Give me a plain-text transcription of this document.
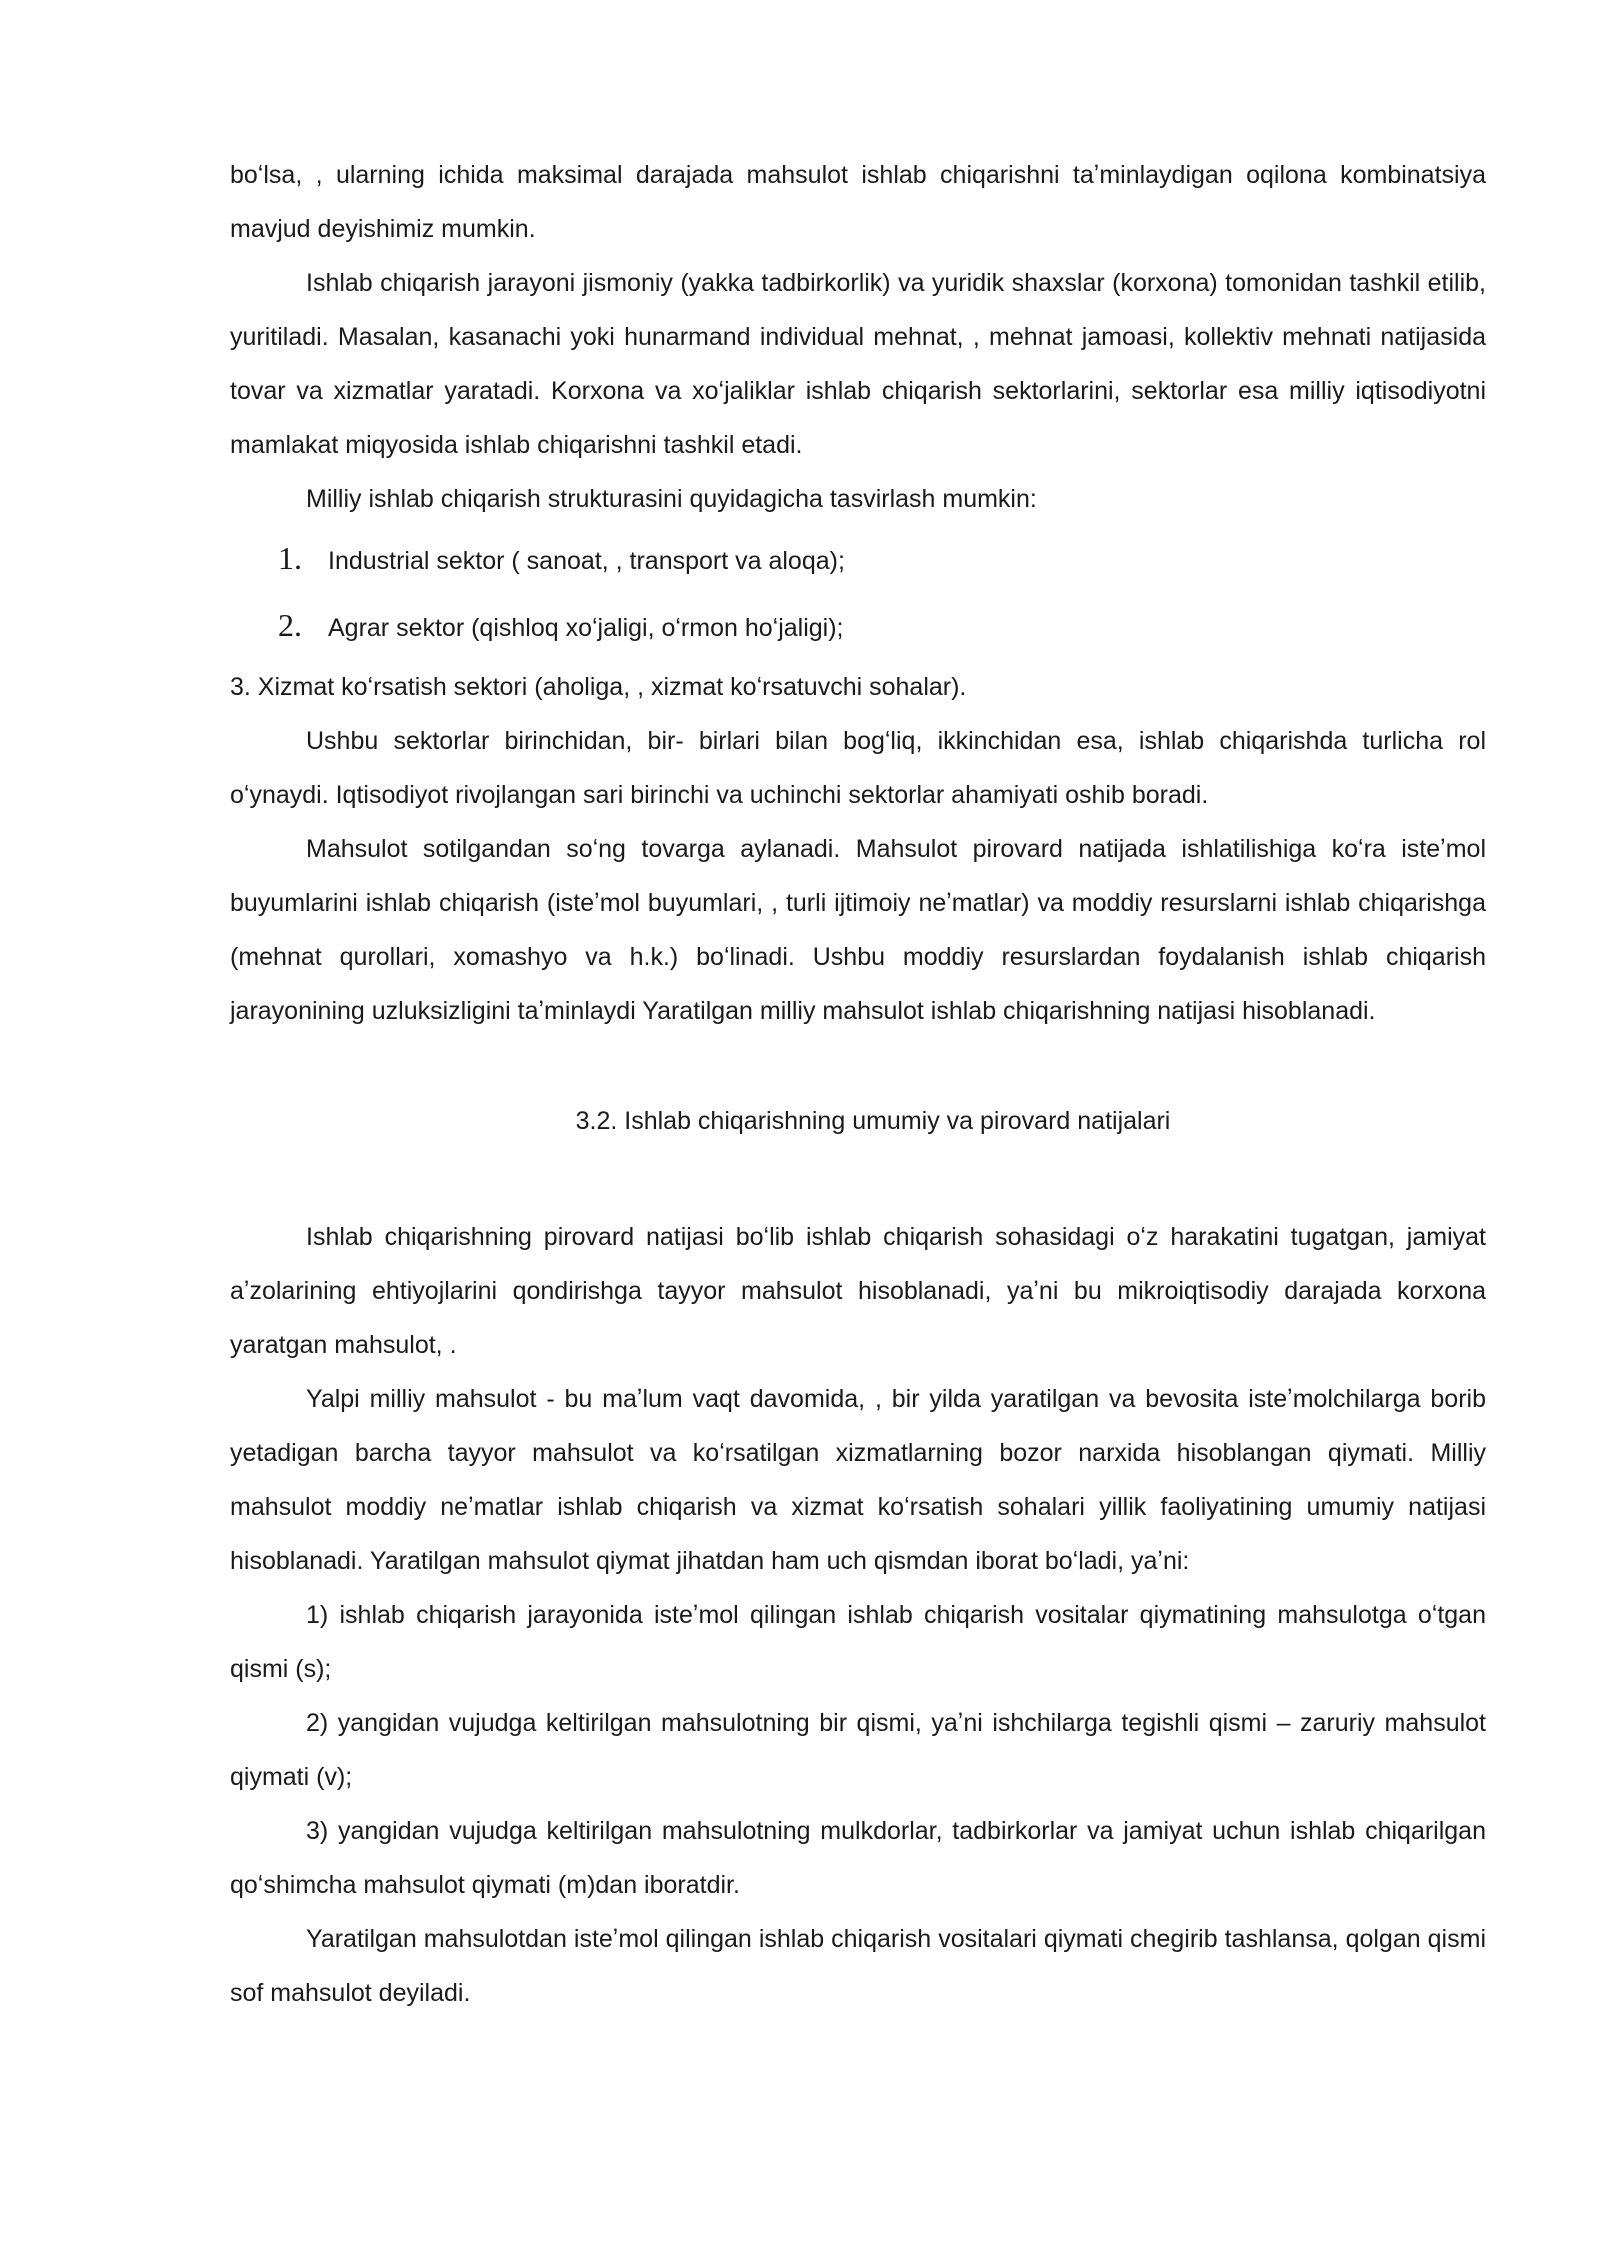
boʻlsa, , ularning ichida maksimal darajada mahsulot ishlab chiqarishni taʼminlaydigan oqilona kombinatsiya mavjud deyishimiz mumkin.

Ishlab chiqarish jarayoni jismoniy (yakka tadbirkorlik) va yuridik shaxslar (korxona) tomonidan tashkil etilib, yuritiladi. Masalan, kasanachi yoki hunarmand individual mehnat, , mehnat jamoasi, kollektiv mehnati natijasida tovar va xizmatlar yaratadi. Korxona va xoʻjaliklar ishlab chiqarish sektorlarini, sektorlar esa milliy iqtisodiyotni mamlakat miqyosida ishlab chiqarishni tashkil etadi.

Milliy ishlab chiqarish strukturasini quyidagicha tasvirlash mumkin:

1.	Industrial sektor ( sanoat, , transport va aloqa);
2.	Agrar sektor (qishloq xoʻjaligi, oʻrmon hoʻjaligi);

3. Xizmat koʻrsatish sektori (aholiga, , xizmat koʻrsatuvchi sohalar).

Ushbu sektorlar birinchidan, bir- birlari bilan bogʻliq, ikkinchidan esa, ishlab chiqarishda turlicha rol oʻynaydi. Iqtisodiyot rivojlangan sari birinchi va uchinchi sektorlar ahamiyati oshib boradi.

Mahsulot sotilgandan soʻng tovarga aylanadi. Mahsulot pirovard natijada ishlatilishiga koʻra isteʼmol buyumlarini ishlab chiqarish (isteʼmol buyumlari, , turli ijtimoiy neʼmatlar) va moddiy resurslarni ishlab chiqarishga (mehnat qurollari, xomashyo va h.k.) boʻlinadi. Ushbu moddiy resurslardan foydalanish ishlab chiqarish jarayonining uzluksizligini taʼminlaydi Yaratilgan milliy mahsulot ishlab chiqarishning natijasi hisoblanadi.

3.2. Ishlab chiqarishning umumiy va pirovard natijalari

Ishlab chiqarishning pirovard natijasi boʻlib ishlab chiqarish sohasidagi oʻz harakatini tugatgan, jamiyat aʼzolarining ehtiyojlarini qondirishga tayyor mahsulot hisoblanadi, yaʼni bu mikroiqtisodiy darajada korxona yaratgan mahsulot, .

Yalpi milliy mahsulot - bu maʼlum vaqt davomida, , bir yilda yaratilgan va bevosita isteʼmolchilarga borib yetadigan barcha tayyor mahsulot va koʻrsatilgan xizmatlarning bozor narxida hisoblangan qiymati. Milliy mahsulot moddiy neʼmatlar ishlab chiqarish va xizmat koʻrsatish sohalari yillik faoliyatining umumiy natijasi hisoblanadi. Yaratilgan mahsulot qiymat jihatdan ham uch qismdan iborat boʻladi, yaʼni:

1) ishlab chiqarish jarayonida isteʼmol qilingan ishlab chiqarish vositalar qiymatining mahsulotga oʻtgan qismi (s);

2) yangidan vujudga keltirilgan mahsulotning bir qismi, yaʼni ishchilarga tegishli qismi – zaruriy mahsulot qiymati (v);

3) yangidan vujudga keltirilgan mahsulotning mulkdorlar, tadbirkorlar va jamiyat uchun ishlab chiqarilgan qoʻshimcha mahsulot qiymati (m)dan iboratdir.

Yaratilgan mahsulotdan isteʼmol qilingan ishlab chiqarish vositalari qiymati chegirib tashlansa, qolgan qismi sof mahsulot deyiladi.
